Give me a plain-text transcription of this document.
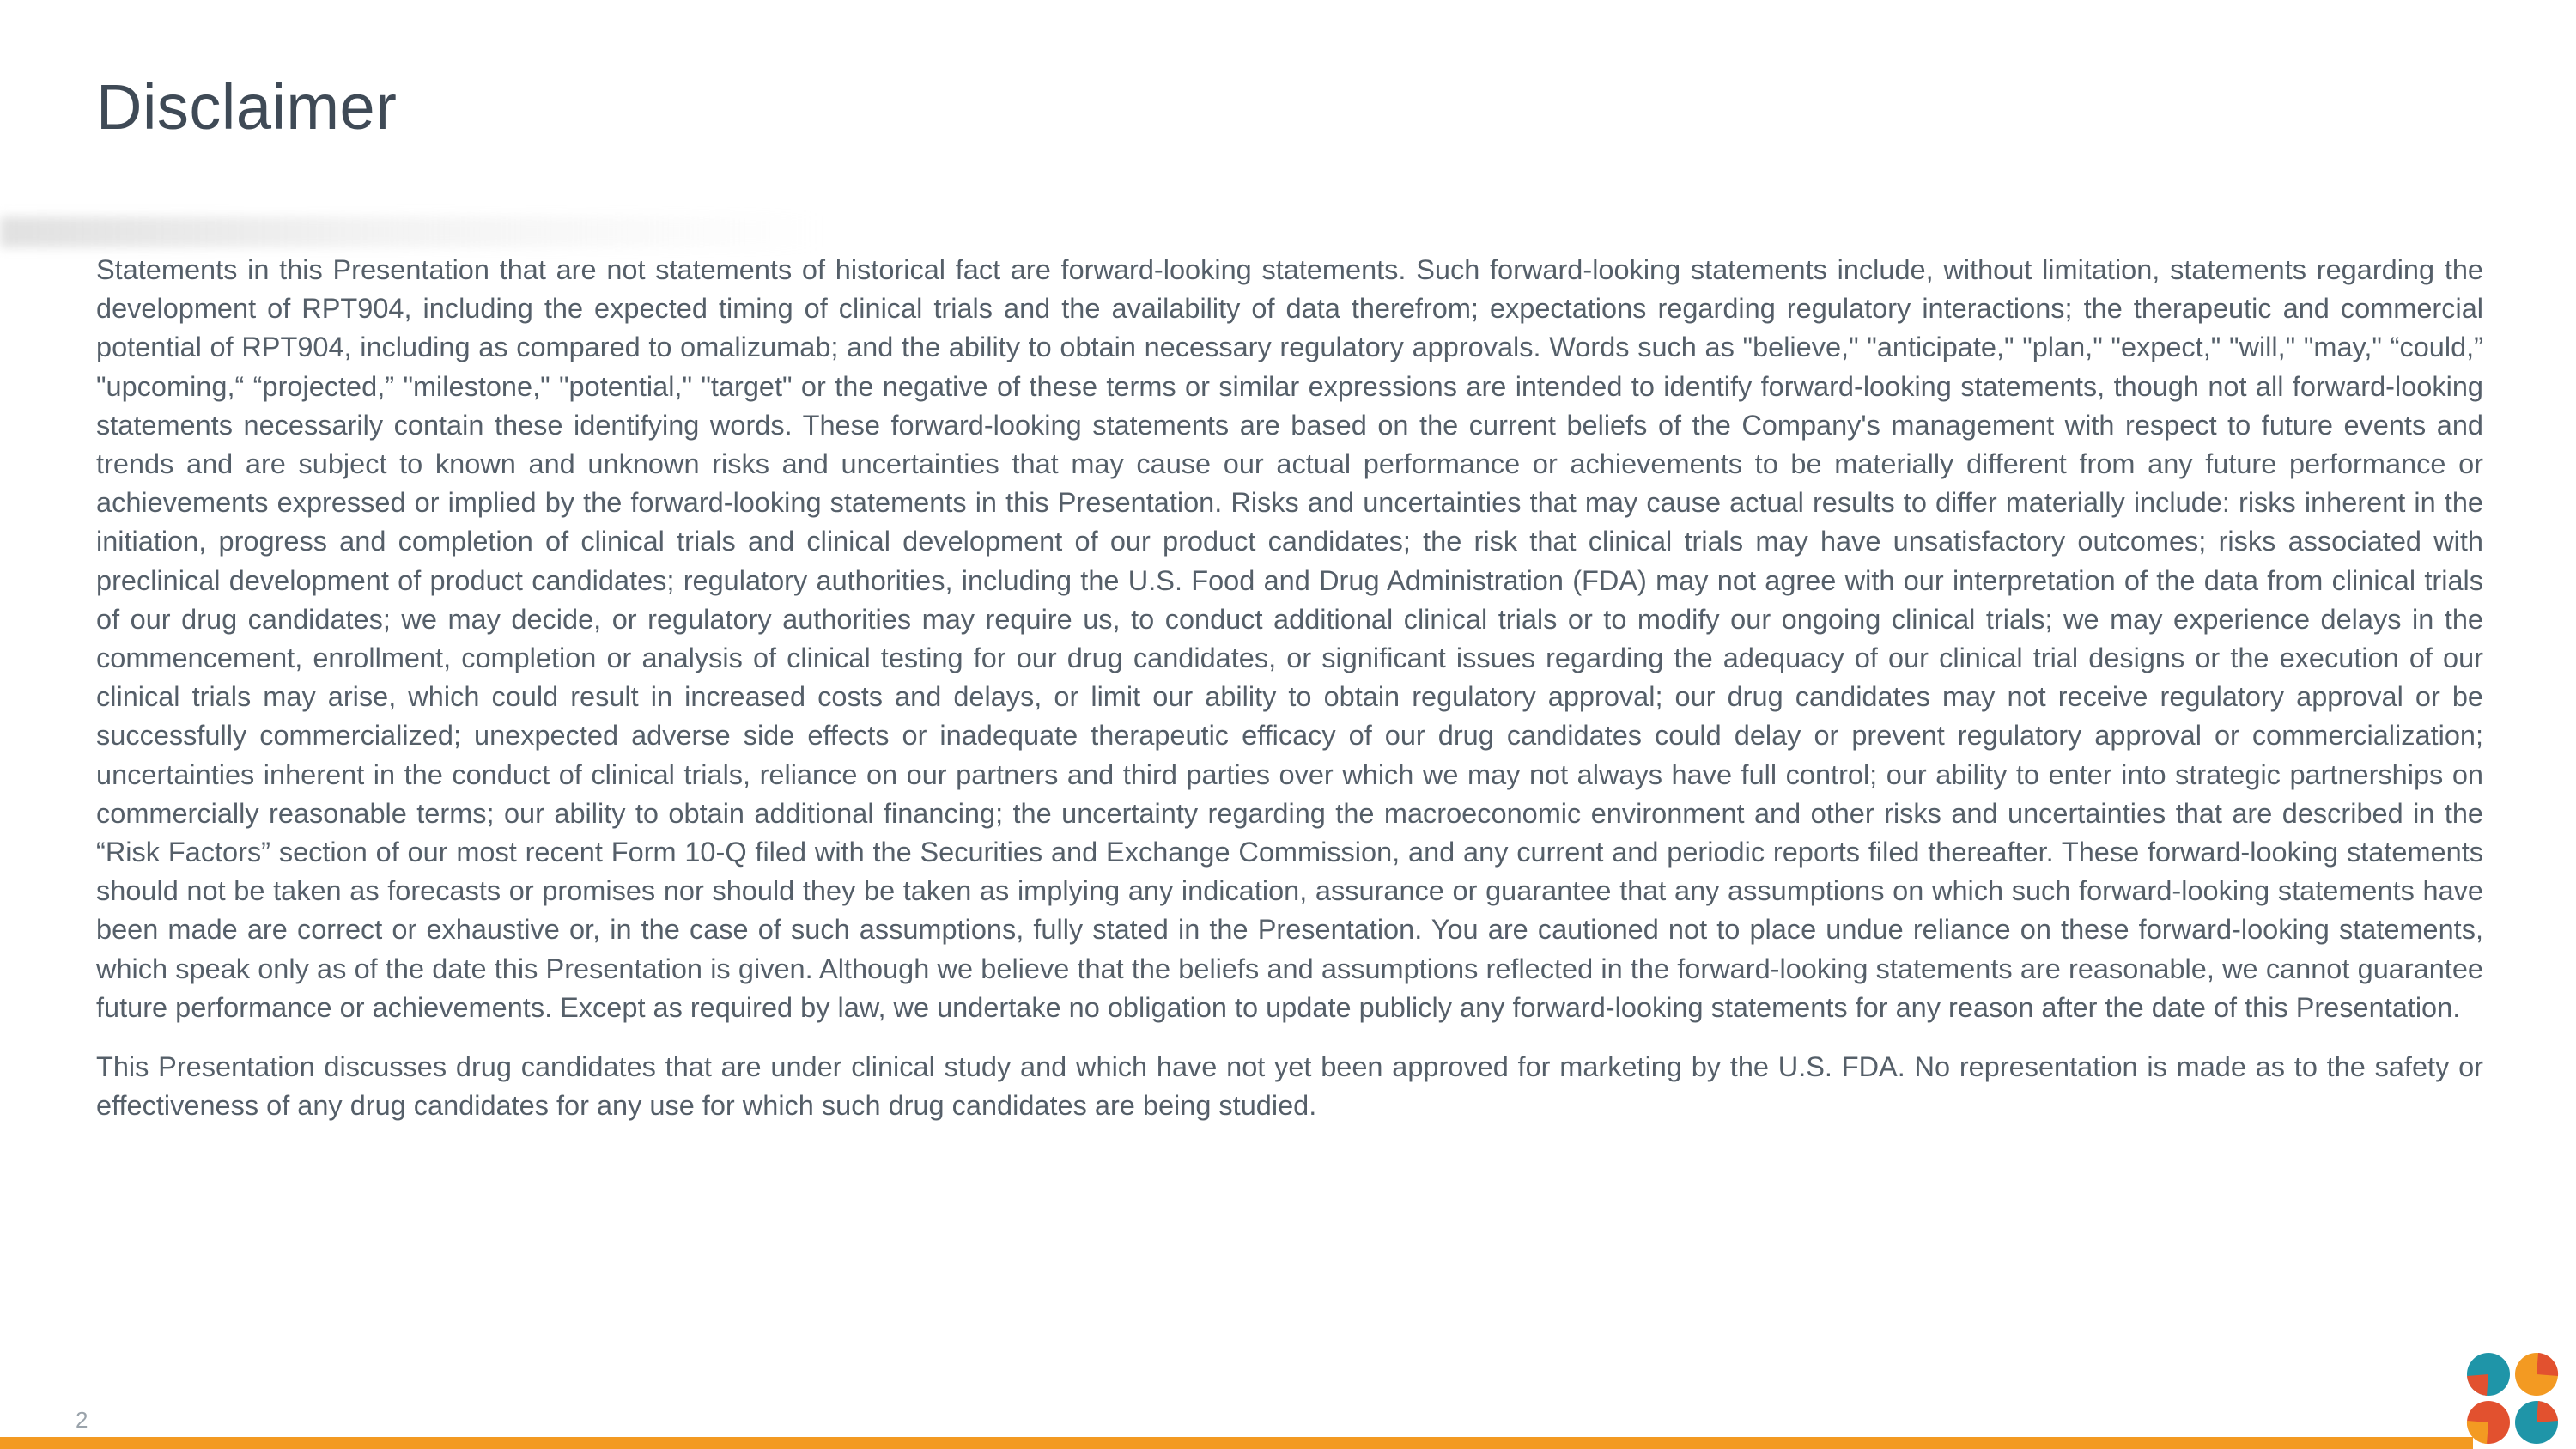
Disclaimer

Statements in this Presentation that are not statements of historical fact are forward-looking statements. Such forward-looking statements include, without limitation, statements regarding the development of RPT904, including the expected timing of clinical trials and the availability of data therefrom; expectations regarding regulatory interactions; the therapeutic and commercial potential of RPT904, including as compared to omalizumab; and the ability to obtain necessary regulatory approvals. Words such as "believe," "anticipate," "plan," "expect," "will," "may," “could,” "upcoming,“ “projected,” "milestone," "potential," "target" or the negative of these terms or similar expressions are intended to identify forward-looking statements, though not all forward-looking statements necessarily contain these identifying words. These forward-looking statements are based on the current beliefs of the Company's management with respect to future events and trends and are subject to known and unknown risks and uncertainties that may cause our actual performance or achievements to be materially different from any future performance or achievements expressed or implied by the forward-looking statements in this Presentation. Risks and uncertainties that may cause actual results to differ materially include: risks inherent in the initiation, progress and completion of clinical trials and clinical development of our product candidates; the risk that clinical trials may have unsatisfactory outcomes; risks associated with preclinical development of product candidates; regulatory authorities, including the U.S. Food and Drug Administration (FDA) may not agree with our interpretation of the data from clinical trials of our drug candidates; we may decide, or regulatory authorities may require us, to conduct additional clinical trials or to modify our ongoing clinical trials; we may experience delays in the commencement, enrollment, completion or analysis of clinical testing for our drug candidates, or significant issues regarding the adequacy of our clinical trial designs or the execution of our clinical trials may arise, which could result in increased costs and delays, or limit our ability to obtain regulatory approval; our drug candidates may not receive regulatory approval or be successfully commercialized; unexpected adverse side effects or inadequate therapeutic efficacy of our drug candidates could delay or prevent regulatory approval or commercialization; uncertainties inherent in the conduct of clinical trials, reliance on our partners and third parties over which we may not always have full control; our ability to enter into strategic partnerships on commercially reasonable terms; our ability to obtain additional financing; the uncertainty regarding the macroeconomic environment and other risks and uncertainties that are described in the “Risk Factors” section of our most recent Form 10-Q filed with the Securities and Exchange Commission, and any current and periodic reports filed thereafter. These forward-looking statements should not be taken as forecasts or promises nor should they be taken as implying any indication, assurance or guarantee that any assumptions on which such forward-looking statements have been made are correct or exhaustive or, in the case of such assumptions, fully stated in the Presentation. You are cautioned not to place undue reliance on these forward-looking statements, which speak only as of the date this Presentation is given. Although we believe that the beliefs and assumptions reflected in the forward-looking statements are reasonable, we cannot guarantee future performance or achievements. Except as required by law, we undertake no obligation to update publicly any forward-looking statements for any reason after the date of this Presentation.

This Presentation discusses drug candidates that are under clinical study and which have not yet been approved for marketing by the U.S. FDA. No representation is made as to the safety or effectiveness of any drug candidates for any use for which such drug candidates are being studied.

2
